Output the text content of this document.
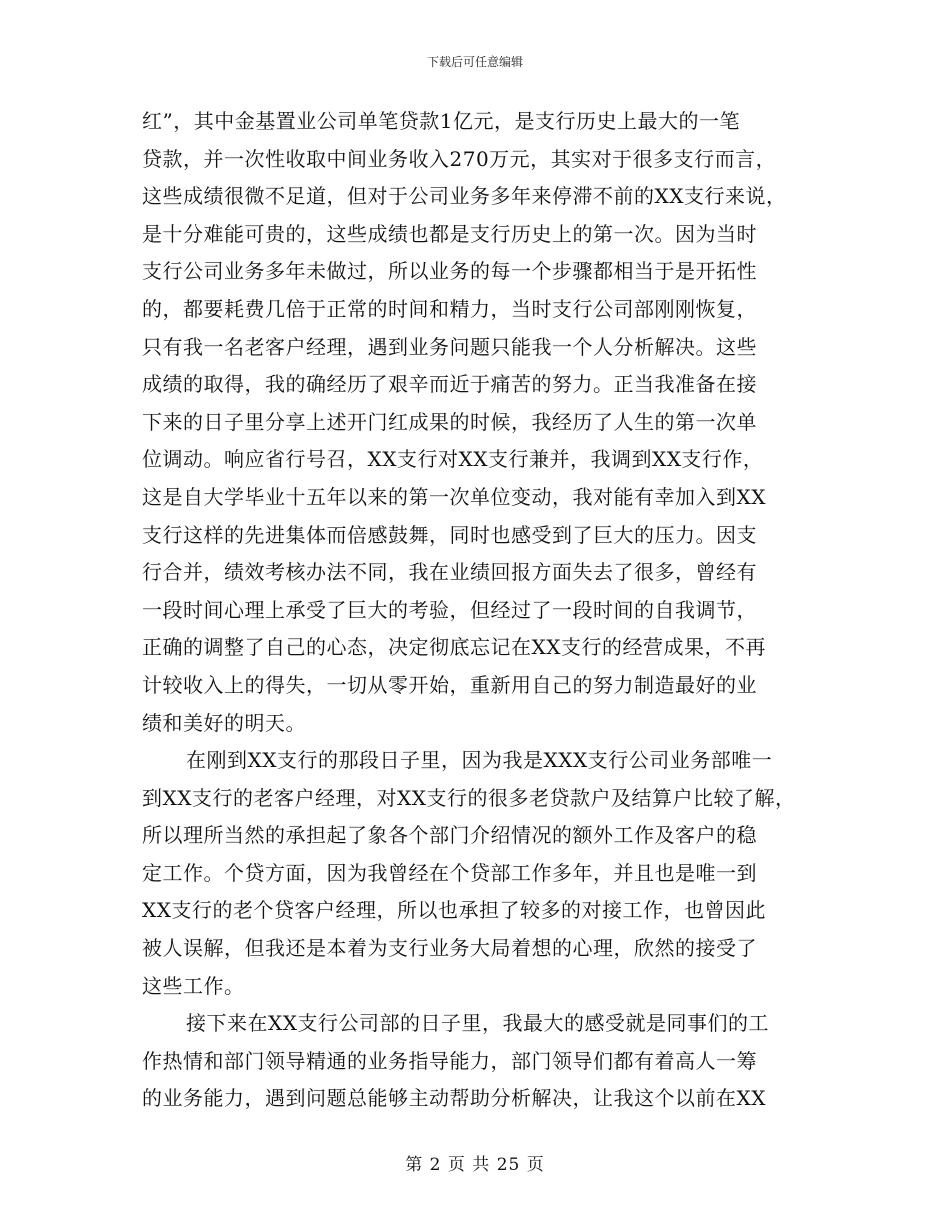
下载后可任意编辑
红”，其中金基置业公司单笔贷款1亿元，是支行历史上最大的一笔
贷款，并一次性收取中间业务收入270万元，其实对于很多支行而言，
这些成绩很微不足道，但对于公司业务多年来停滞不前的XX支行来说，
是十分难能可贵的，这些成绩也都是支行历史上的第一次。因为当时
支行公司业务多年未做过，所以业务的每一个步骤都相当于是开拓性
的，都要耗费几倍于正常的时间和精力，当时支行公司部刚刚恢复，
只有我一名老客户经理，遇到业务问题只能我一个人分析解决。这些
成绩的取得，我的确经历了艰辛而近于痛苦的努力。正当我准备在接
下来的日子里分享上述开门红成果的时候，我经历了人生的第一次单
位调动。响应省行号召，XX支行对XX支行兼并，我调到XX支行作，
这是自大学毕业十五年以来的第一次单位变动，我对能有幸加入到XX
支行这样的先进集体而倍感鼓舞，同时也感受到了巨大的压力。因支
行合并，绩效考核办法不同，我在业绩回报方面失去了很多，曾经有
一段时间心理上承受了巨大的考验，但经过了一段时间的自我调节，
正确的调整了自己的心态，决定彻底忘记在XX支行的经营成果，不再
计较收入上的得失，一切从零开始，重新用自己的努力制造最好的业
绩和美好的明天。
在刚到XX支行的那段日子里，因为我是XXX支行公司业务部唯一
到XX支行的老客户经理，对XX支行的很多老贷款户及结算户比较了解，
所以理所当然的承担起了象各个部门介绍情况的额外工作及客户的稳
定工作。个贷方面，因为我曾经在个贷部工作多年，并且也是唯一到
XX支行的老个贷客户经理，所以也承担了较多的对接工作，也曾因此
被人误解，但我还是本着为支行业务大局着想的心理，欣然的接受了
这些工作。
接下来在XX支行公司部的日子里，我最大的感受就是同事们的工
作热情和部门领导精通的业务指导能力，部门领导们都有着高人一筹
的业务能力，遇到问题总能够主动帮助分析解决，让我这个以前在XX
第 2 页 共 25 页
